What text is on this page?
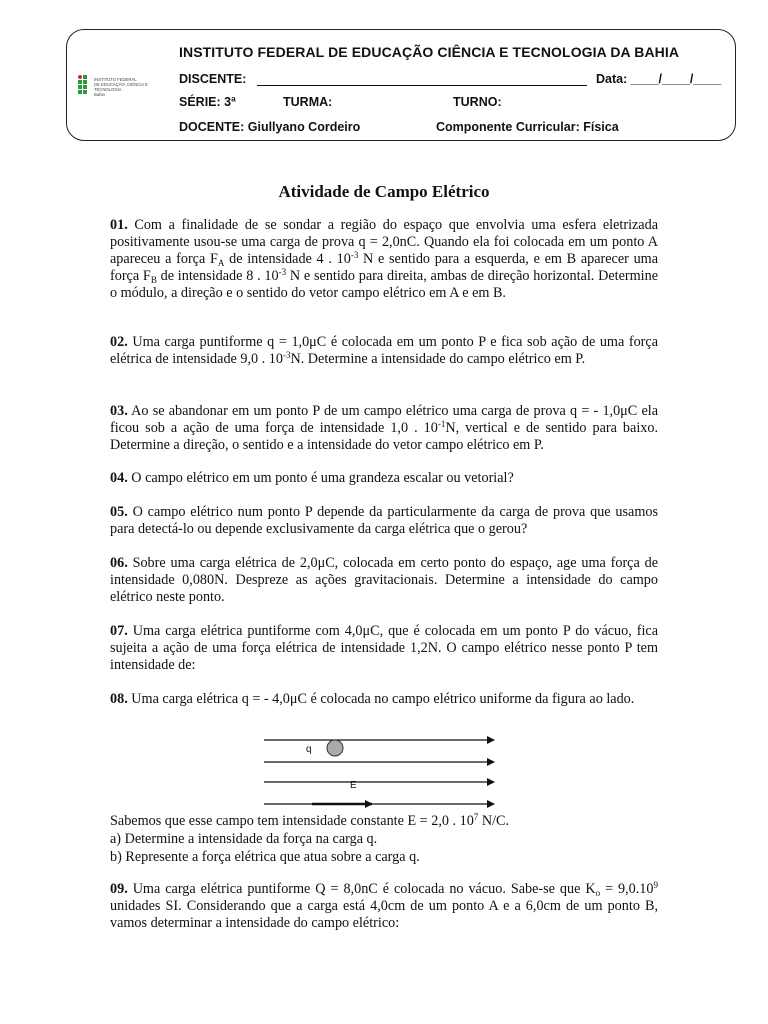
INSTITUTO FEDERAL
DE EDUCAÇÃO, CIÊNCIA E TECNOLOGIA
Bahia
INSTITUTO FEDERAL DE EDUCAÇÃO CIÊNCIA E TECNOLOGIA DA BAHIA
DISCENTE:	Data: ____/____/____
SÉRIE: 3ª	TURMA:	TURNO:
DOCENTE: Giullyano Cordeiro	Componente Curricular: Física
Atividade de Campo Elétrico

01. Com a finalidade de se sondar a região do espaço que envolvia uma esfera eletrizada positivamente usou-se uma carga de prova q = 2,0nC. Quando ela foi colocada em um ponto A apareceu a força $F_A$ de intensidade 4 . $10^{-3}$ N e sentido para a esquerda, e em B aparecer uma força $F_B$ de intensidade 8 . $10^{-3}$ N e sentido para direita, ambas de direção horizontal. Determine o módulo, a direção e o sentido do vetor campo elétrico em A e em B.

02. Uma carga puntiforme q = 1,0μC é colocada em um ponto P e fica sob ação de uma força elétrica de intensidade 9,0 . $10^{-3}N$. Determine a intensidade do campo elétrico em P.

03. Ao se abandonar em um ponto P de um campo elétrico uma carga de prova q = - 1,0μC ela ficou sob a ação de uma força de intensidade 1,0 . $10^{-1}N$, vertical e de sentido para baixo. Determine a direção, o sentido e a intensidade do vetor campo elétrico em P.

04. O campo elétrico em um ponto é uma grandeza escalar ou vetorial?

05. O campo elétrico num ponto P depende da particularmente da carga de prova que usamos para detectá-lo ou depende exclusivamente da carga elétrica que o gerou?

06. Sobre uma carga elétrica de 2,0μC, colocada em certo ponto do espaço, age uma força de intensidade 0,080N. Despreze as ações gravitacionais. Determine a intensidade do campo elétrico neste ponto.

07. Uma carga elétrica puntiforme com 4,0μC, que é colocada em um ponto P do vácuo, fica sujeita a ação de uma força elétrica de intensidade 1,2N. O campo elétrico nesse ponto P tem intensidade de:

08. Uma carga elétrica q = - 4,0μC é colocada no campo elétrico uniforme da figura ao lado.

q
E
Sabemos que esse campo tem intensidade constante E = 2,0 . $10^7$ N/C.
a) Determine a intensidade da força na carga q.
b) Represente a força elétrica que atua sobre a carga q.

09. Uma carga elétrica puntiforme Q = 8,0nC é colocada no vácuo. Sabe-se que $K_o = 9,0.10^9$ unidades SI. Considerando que a carga está 4,0cm de um ponto A e a 6,0cm de um ponto B, vamos determinar a intensidade do campo elétrico:
